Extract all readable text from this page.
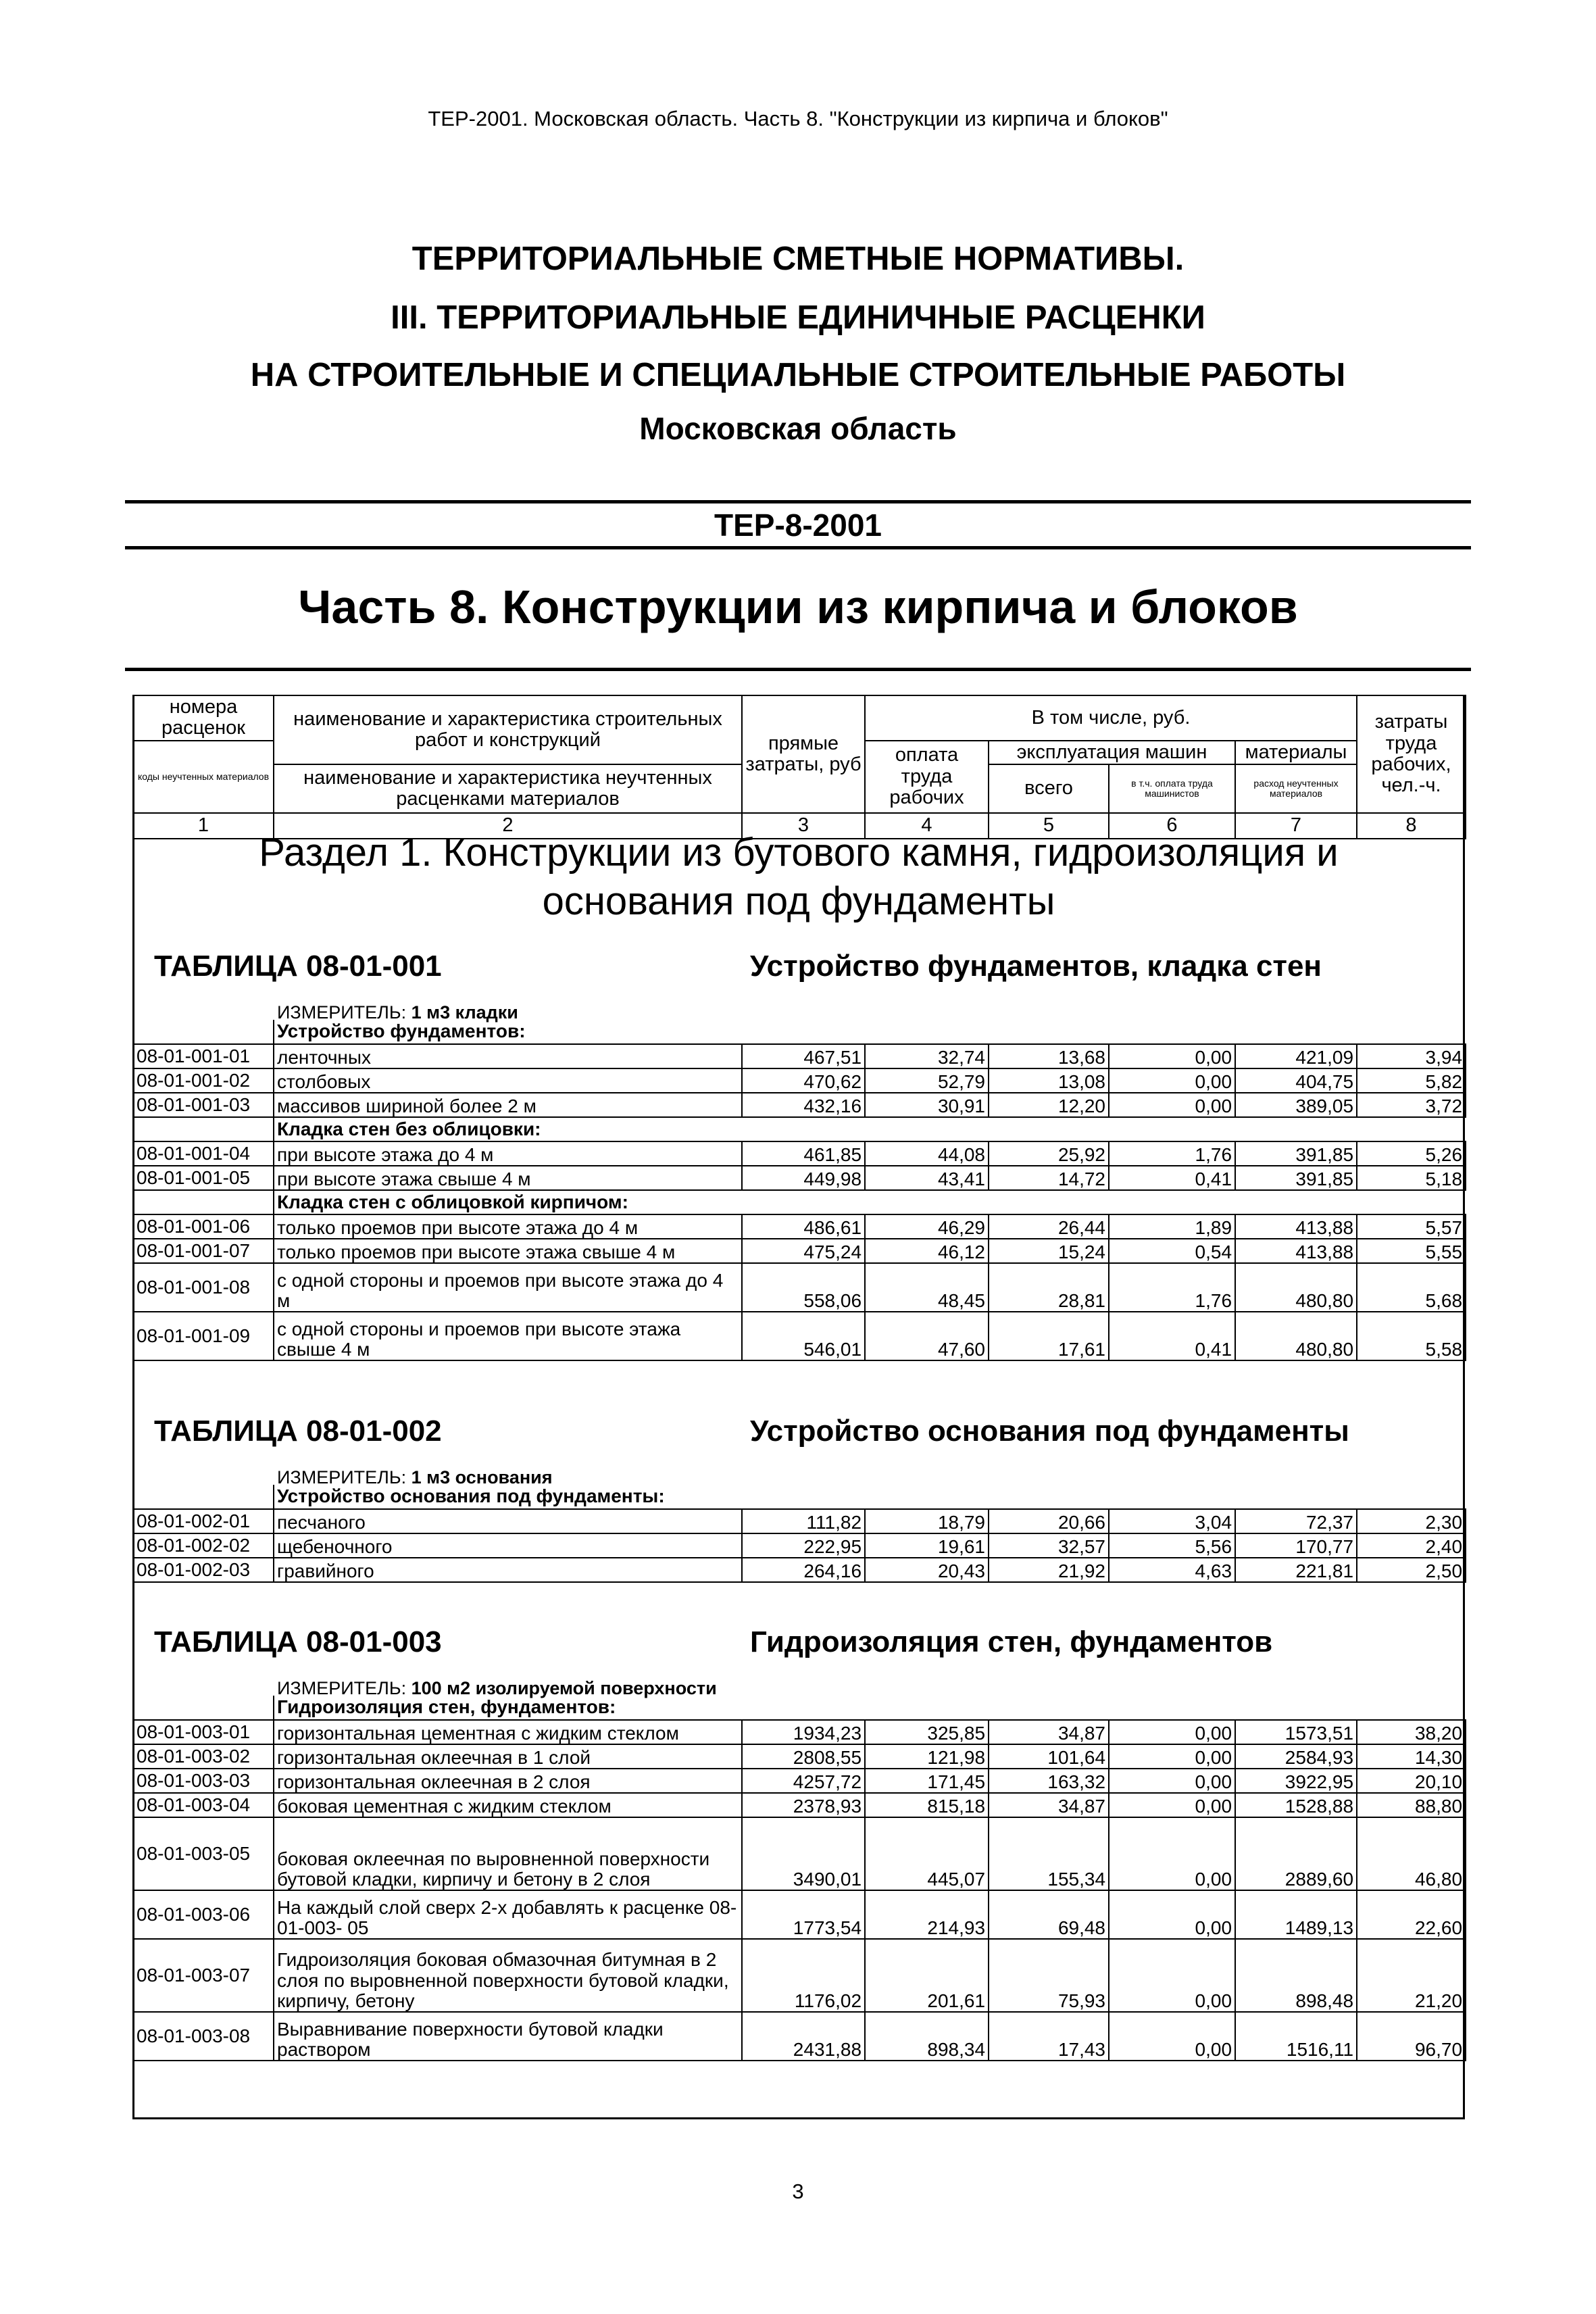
ТЕР-2001. Московская область. Часть 8. "Конструкции из кирпича и блоков"
ТЕРРИТОРИАЛЬНЫЕ СМЕТНЫЕ НОРМАТИВЫ.
III. ТЕРРИТОРИАЛЬНЫЕ ЕДИНИЧНЫЕ РАСЦЕНКИ
НА СТРОИТЕЛЬНЫЕ И СПЕЦИАЛЬНЫЕ СТРОИТЕЛЬНЫЕ РАБОТЫ
Московская область
ТЕР-8-2001
Часть 8. Конструкции из кирпича и блоков
номера расценок	наименование и характеристика строительных работ и конструкций	прямые затраты, руб	В том числе, руб.				затраты труда рабочих, чел.-ч.
коды неучтенных материалов			оплата труда рабочих	эксплуатация машин		материалы	
	наименование и характеристика неучтенных расценками материалов			всего	в т.ч. оплата труда машинистов	расход неучтенных материалов	

1	2	3	4	5	6	7	8
Раздел 1. Конструкции из бутового камня, гидроизоляция и
основания под фундаменты
ТАБЛИЦА 08-01-001	Устройство фундаментов, кладка стен
ИЗМЕРИТЕЛЬ: 1 м3 кладки
	Устройство фундаментов:						
08-01-001-01	ленточных	467,51	32,74	13,68	0,00	421,09	3,94
08-01-001-02	столбовых	470,62	52,79	13,08	0,00	404,75	5,82
08-01-001-03	массивов шириной более 2 м	432,16	30,91	12,20	0,00	389,05	3,72
	Кладка стен без облицовки:						
08-01-001-04	при высоте этажа до 4 м	461,85	44,08	25,92	1,76	391,85	5,26
08-01-001-05	при высоте этажа свыше 4 м	449,98	43,41	14,72	0,41	391,85	5,18
	Кладка стен с облицовкой кирпичом:						
08-01-001-06	только проемов при высоте этажа до 4 м	486,61	46,29	26,44	1,89	413,88	5,57
08-01-001-07	только проемов при высоте этажа свыше 4 м	475,24	46,12	15,24	0,54	413,88	5,55
08-01-001-08	с одной стороны и проемов при высоте этажа до 4 м	558,06	48,45	28,81	1,76	480,80	5,68
08-01-001-09	с одной стороны и проемов при высоте этажа свыше 4 м	546,01	47,60	17,61	0,41	480,80	5,58
ТАБЛИЦА 08-01-002	Устройство основания под фундаменты
ИЗМЕРИТЕЛЬ: 1 м3 основания
	Устройство основания под фундаменты:						
08-01-002-01	песчаного	111,82	18,79	20,66	3,04	72,37	2,30
08-01-002-02	щебеночного	222,95	19,61	32,57	5,56	170,77	2,40
08-01-002-03	гравийного	264,16	20,43	21,92	4,63	221,81	2,50
ТАБЛИЦА 08-01-003	Гидроизоляция стен, фундаментов
ИЗМЕРИТЕЛЬ: 100 м2 изолируемой поверхности
	Гидроизоляция стен, фундаментов:						
08-01-003-01	горизонтальная цементная с жидким стеклом	1934,23	325,85	34,87	0,00	1573,51	38,20
08-01-003-02	горизонтальная оклеечная в 1 слой	2808,55	121,98	101,64	0,00	2584,93	14,30
08-01-003-03	горизонтальная оклеечная в 2 слоя	4257,72	171,45	163,32	0,00	3922,95	20,10
08-01-003-04	боковая цементная с жидким стеклом	2378,93	815,18	34,87	0,00	1528,88	88,80
08-01-003-05	боковая оклеечная по выровненной поверхности бутовой кладки, кирпичу и бетону в 2 слоя	3490,01	445,07	155,34	0,00	2889,60	46,80
08-01-003-06	На каждый слой сверх 2-х добавлять к расценке 08-01-003- 05	1773,54	214,93	69,48	0,00	1489,13	22,60
08-01-003-07	Гидроизоляция боковая обмазочная битумная в 2 слоя по выровненной поверхности бутовой кладки, кирпичу, бетону	1176,02	201,61	75,93	0,00	898,48	21,20
08-01-003-08	Выравнивание поверхности бутовой кладки раствором	2431,88	898,34	17,43	0,00	1516,11	96,70
3
